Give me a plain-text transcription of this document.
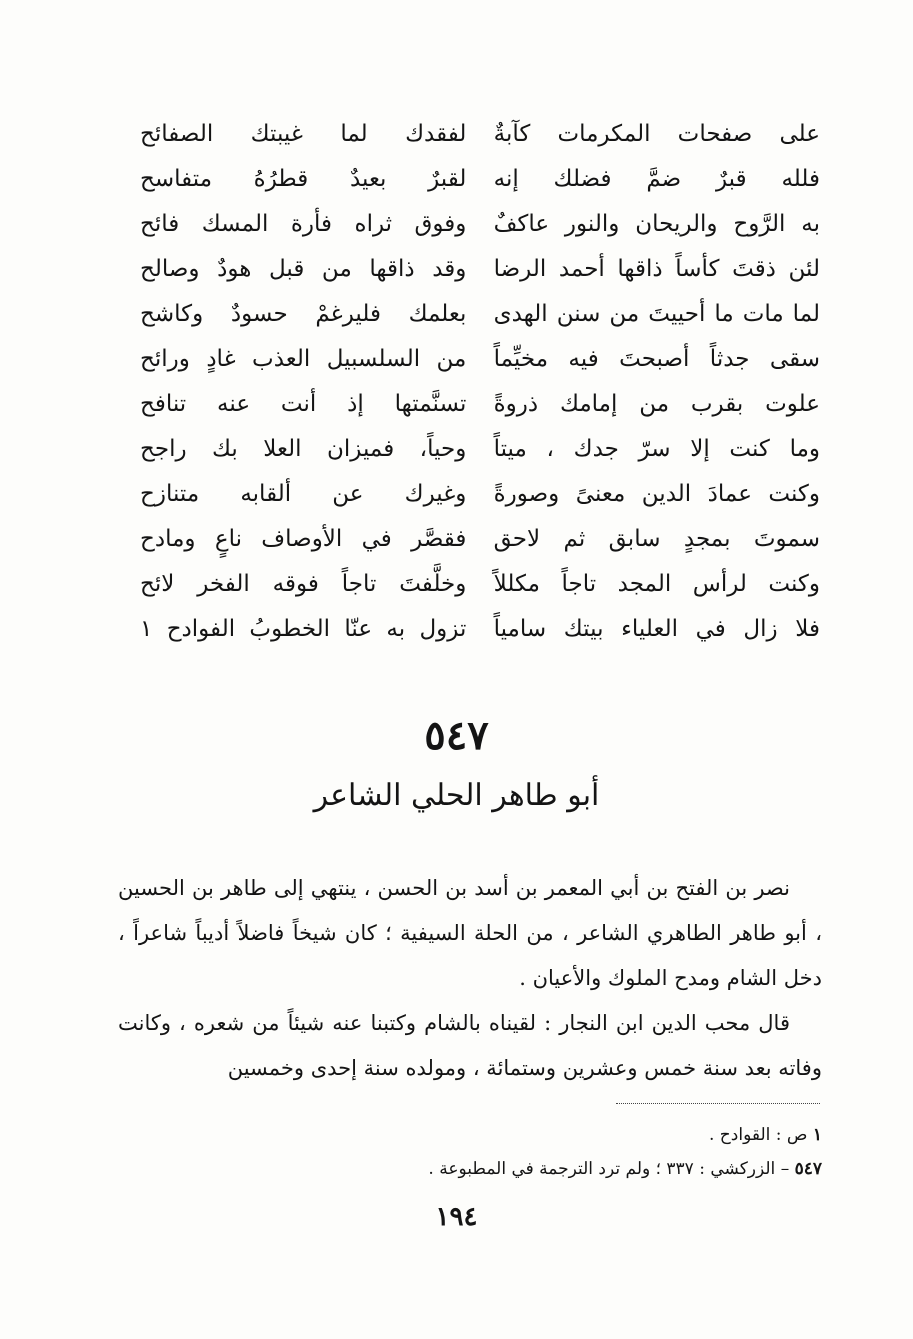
على صفحات المكرمات كآبةٌ
لفقدك لما غيبتك الصفائح
فلله قبرٌ ضمَّ فضلك إنه
لقبرٌ بعيدٌ قطرُهُ متفاسح
به الرَّوح والريحان والنور عاكفٌ
وفوق ثراه فأرة المسك فائح
لئن ذقتَ كأساً ذاقها أحمد الرضا
وقد ذاقها من قبل هودٌ وصالح
لما مات ما أحييتَ من سنن الهدى
بعلمك فليرغمْ حسودٌ وكاشح
سقى جدثاً أصبحتَ فيه مخيِّماً
من السلسبيل العذب غادٍ ورائح
علوت بقرب من إمامك ذروةً
تسنَّمتها إذ أنت عنه تنافح
وما كنت إلا سرّ جدك ، ميتاً
وحياً، فميزان العلا بك راجح
وكنت عمادَ الدين معنىً وصورةً
وغيرك عن ألقابه متنازح
سموتَ بمجدٍ سابق ثم لاحق
فقصَّر في الأوصاف ناعٍ ومادح
وكنت لرأس المجد تاجاً مكللاً
وخلَّفتَ تاجاً فوقه الفخر لائح
فلا زال في العلياء بيتك سامياً
تزول به عنّا الخطوبُ الفوادح ١
٥٤٧
أبو طاهر الحلي الشاعر

نصر بن الفتح بن أبي المعمر بن أسد بن الحسن ، ينتهي إلى طاهر بن الحسين ، أبو طاهر الطاهري الشاعر ، من الحلة السيفية ؛ كان شيخاً فاضلاً أديباً شاعراً ، دخل الشام ومدح الملوك والأعيان .

قال محب الدين ابن النجار : لقيناه بالشام وكتبنا عنه شيئاً من شعره ، وكانت وفاته بعد سنة خمس وعشرين وستمائة ، ومولده سنة إحدى وخمسين

١ ص : القوادح .
٥٤٧ – الزركشي : ٣٣٧ ؛ ولم ترد الترجمة في المطبوعة .
١٩٤
